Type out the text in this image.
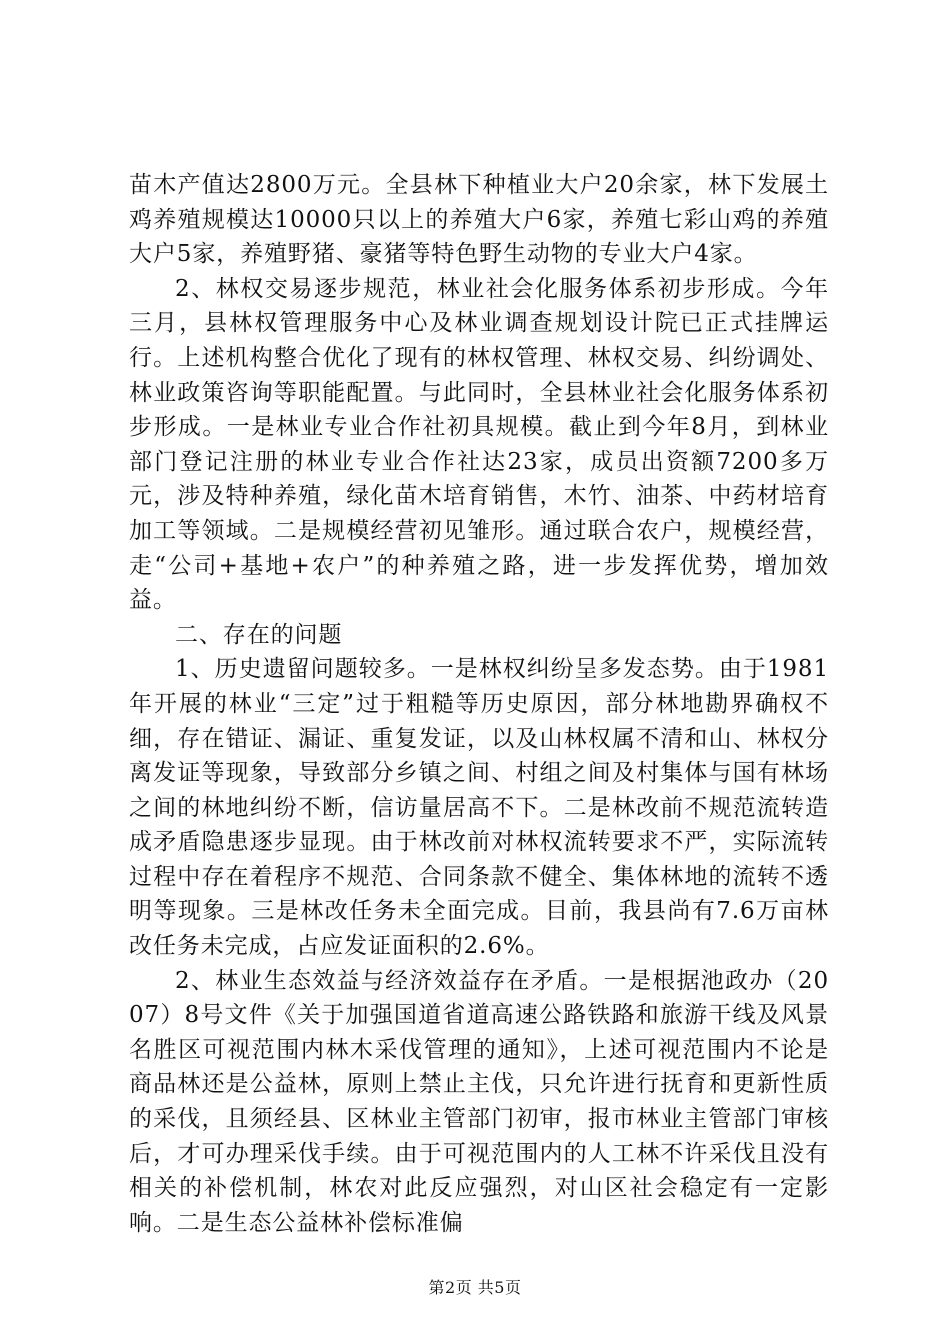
苗木产值达2800万元。全县林下种植业大户20余家，林下发展土鸡养殖规模达10000只以上的养殖大户6家，养殖七彩山鸡的养殖大户5家，养殖野猪、豪猪等特色野生动物的专业大户4家。

2、林权交易逐步规范，林业社会化服务体系初步形成。今年三月，县林权管理服务中心及林业调查规划设计院已正式挂牌运行。上述机构整合优化了现有的林权管理、林权交易、纠纷调处、林业政策咨询等职能配置。与此同时，全县林业社会化服务体系初步形成。一是林业专业合作社初具规模。截止到今年8月，到林业部门登记注册的林业专业合作社达23家，成员出资额7200多万元，涉及特种养殖，绿化苗木培育销售，木竹、油茶、中药材培育加工等领域。二是规模经营初见雏形。通过联合农户，规模经营，走“公司+基地+农户”的种养殖之路，进一步发挥优势，增加效益。

二、存在的问题

1、历史遗留问题较多。一是林权纠纷呈多发态势。由于1981年开展的林业“三定”过于粗糙等历史原因，部分林地勘界确权不细，存在错证、漏证、重复发证，以及山林权属不清和山、林权分离发证等现象，导致部分乡镇之间、村组之间及村集体与国有林场之间的林地纠纷不断，信访量居高不下。二是林改前不规范流转造成矛盾隐患逐步显现。由于林改前对林权流转要求不严，实际流转过程中存在着程序不规范、合同条款不健全、集体林地的流转不透明等现象。三是林改任务未全面完成。目前，我县尚有7.6万亩林改任务未完成，占应发证面积的2.6%。

2、林业生态效益与经济效益存在矛盾。一是根据池政办（2007）8号文件《关于加强国道省道高速公路铁路和旅游干线及风景名胜区可视范围内林木采伐管理的通知》，上述可视范围内不论是商品林还是公益林，原则上禁止主伐，只允许进行抚育和更新性质的采伐，且须经县、区林业主管部门初审，报市林业主管部门审核后，才可办理采伐手续。由于可视范围内的人工林不许采伐且没有相关的补偿机制，林农对此反应强烈，对山区社会稳定有一定影响。二是生态公益林补偿标准偏

第2页 共5页
